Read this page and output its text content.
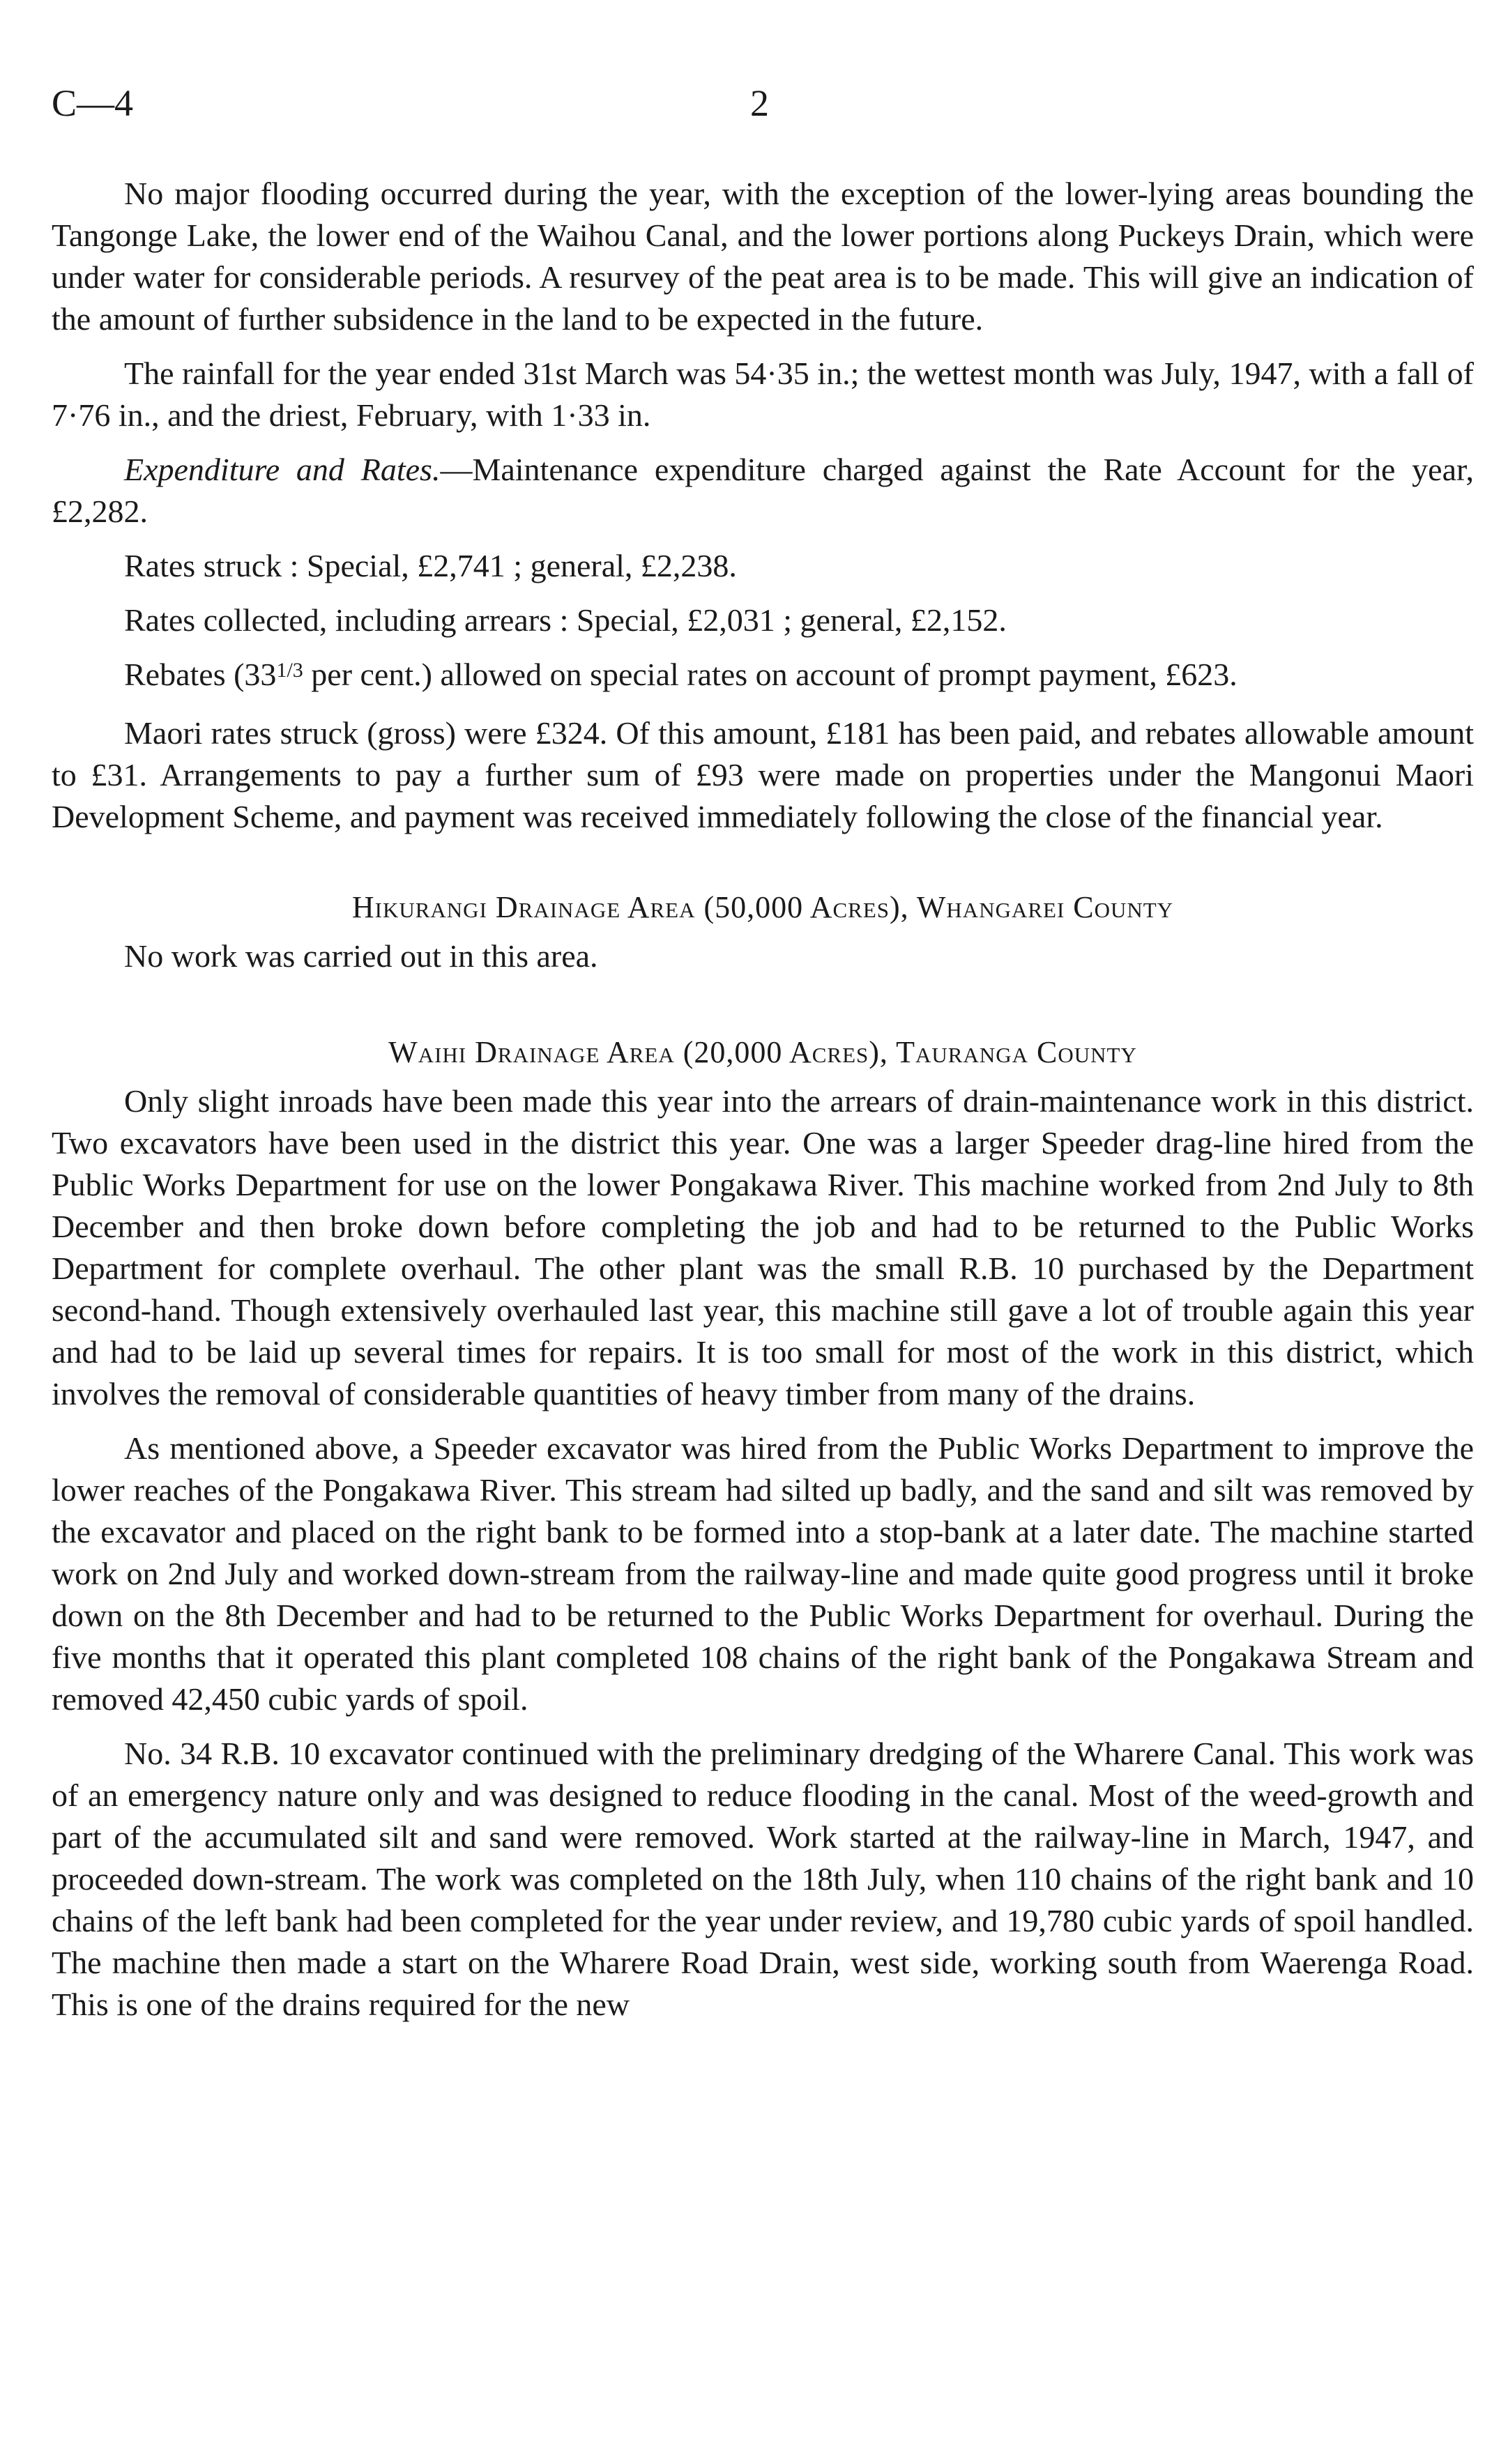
C—4	2

No major flooding occurred during the year, with the exception of the lower-lying areas bounding the Tangonge Lake, the lower end of the Waihou Canal, and the lower portions along Puckeys Drain, which were under water for considerable periods. A resurvey of the peat area is to be made. This will give an indication of the amount of further subsidence in the land to be expected in the future.

The rainfall for the year ended 31st March was 54·35 in.; the wettest month was July, 1947, with a fall of 7·76 in., and the driest, February, with 1·33 in.

Expenditure and Rates.—Maintenance expenditure charged against the Rate Account for the year, £2,282.

Rates struck : Special, £2,741 ; general, £2,238.

Rates collected, including arrears : Special, £2,031 ; general, £2,152.

Rebates ($33^{1/3}$ per cent.) allowed on special rates on account of prompt payment, £623.

Maori rates struck (gross) were £324. Of this amount, £181 has been paid, and rebates allowable amount to £31. Arrangements to pay a further sum of £93 were made on properties under the Mangonui Maori Development Scheme, and payment was received immediately following the close of the financial year.

Hikurangi Drainage Area (50,000 Acres), Whangarei County

No work was carried out in this area.

Waihi Drainage Area (20,000 Acres), Tauranga County

Only slight inroads have been made this year into the arrears of drain-maintenance work in this district. Two excavators have been used in the district this year. One was a larger Speeder drag-line hired from the Public Works Department for use on the lower Pongakawa River. This machine worked from 2nd July to 8th December and then broke down before completing the job and had to be returned to the Public Works Department for complete overhaul. The other plant was the small R.B. 10 purchased by the Department second-hand. Though extensively overhauled last year, this machine still gave a lot of trouble again this year and had to be laid up several times for repairs. It is too small for most of the work in this district, which involves the removal of considerable quantities of heavy timber from many of the drains.

As mentioned above, a Speeder excavator was hired from the Public Works Department to improve the lower reaches of the Pongakawa River. This stream had silted up badly, and the sand and silt was removed by the excavator and placed on the right bank to be formed into a stop-bank at a later date. The machine started work on 2nd July and worked down-stream from the railway-line and made quite good progress until it broke down on the 8th December and had to be returned to the Public Works Department for overhaul. During the five months that it operated this plant completed 108 chains of the right bank of the Pongakawa Stream and removed 42,450 cubic yards of spoil.

No. 34 R.B. 10 excavator continued with the preliminary dredging of the Wharere Canal. This work was of an emergency nature only and was designed to reduce flooding in the canal. Most of the weed-growth and part of the accumulated silt and sand were removed. Work started at the railway-line in March, 1947, and proceeded down-stream. The work was completed on the 18th July, when 110 chains of the right bank and 10 chains of the left bank had been completed for the year under review, and 19,780 cubic yards of spoil handled. The machine then made a start on the Wharere Road Drain, west side, working south from Waerenga Road. This is one of the drains required for the new
